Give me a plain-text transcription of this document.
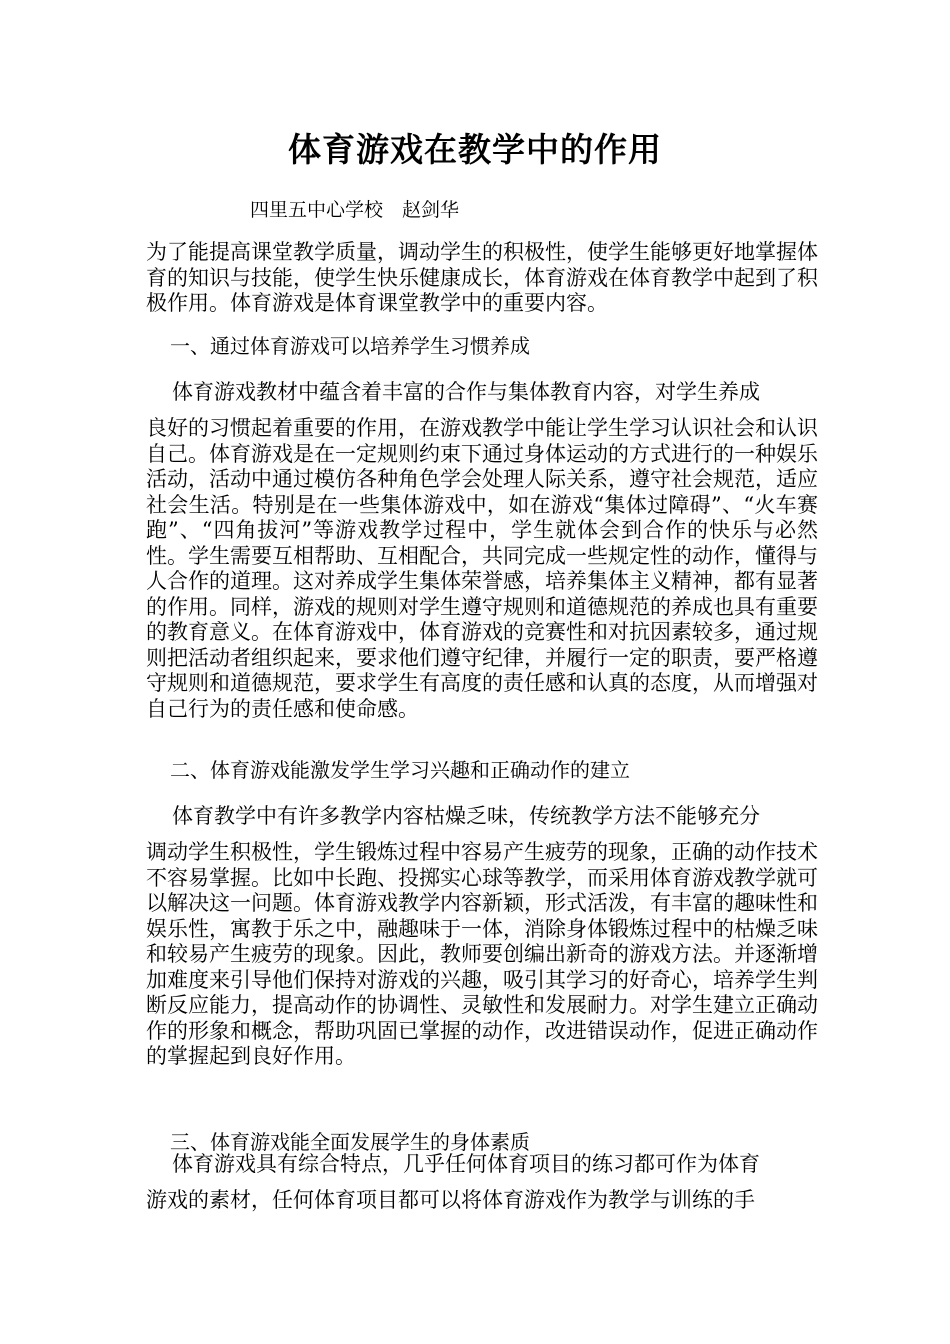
体育游戏在教学中的作用
四里五中心学校　赵剑华

为了能提高课堂教学质量，调动学生的积极性，使学生能够更好地掌握体育的知识与技能，使学生快乐健康成长，体育游戏在体育教学中起到了积极作用。体育游戏是体育课堂教学中的重要内容。

一、通过体育游戏可以培养学生习惯养成

体育游戏教材中蕴含着丰富的合作与集体教育内容，对学生养成

良好的习惯起着重要的作用，在游戏教学中能让学生学习认识社会和认识自己。体育游戏是在一定规则约束下通过身体运动的方式进行的一种娱乐活动，活动中通过模仿各种角色学会处理人际关系，遵守社会规范，适应社会生活。特别是在一些集体游戏中，如在游戏“集体过障碍”、“火车赛跑”、“四角拔河”等游戏教学过程中，学生就体会到合作的快乐与必然性。学生需要互相帮助、互相配合，共同完成一些规定性的动作，懂得与人合作的道理。这对养成学生集体荣誉感，培养集体主义精神，都有显著的作用。同样，游戏的规则对学生遵守规则和道德规范的养成也具有重要的教育意义。在体育游戏中，体育游戏的竞赛性和对抗因素较多，通过规则把活动者组织起来，要求他们遵守纪律，并履行一定的职责，要严格遵守规则和道德规范，要求学生有高度的责任感和认真的态度，从而增强对自己行为的责任感和使命感。

二、体育游戏能激发学生学习兴趣和正确动作的建立

体育教学中有许多教学内容枯燥乏味，传统教学方法不能够充分

调动学生积极性，学生锻炼过程中容易产生疲劳的现象，正确的动作技术不容易掌握。比如中长跑、投掷实心球等教学，而采用体育游戏教学就可以解决这一问题。体育游戏教学内容新颖，形式活泼，有丰富的趣味性和娱乐性，寓教于乐之中，融趣味于一体，消除身体锻炼过程中的枯燥乏味和较易产生疲劳的现象。因此，教师要创编出新奇的游戏方法。并逐渐增加难度来引导他们保持对游戏的兴趣，吸引其学习的好奇心，培养学生判断反应能力，提高动作的协调性、灵敏性和发展耐力。对学生建立正确动作的形象和概念，帮助巩固已掌握的动作，改进错误动作，促进正确动作的掌握起到良好作用。

三、体育游戏能全面发展学生的身体素质

体育游戏具有综合特点，几乎任何体育项目的练习都可作为体育

游戏的素材，任何体育项目都可以将体育游戏作为教学与训练的手
